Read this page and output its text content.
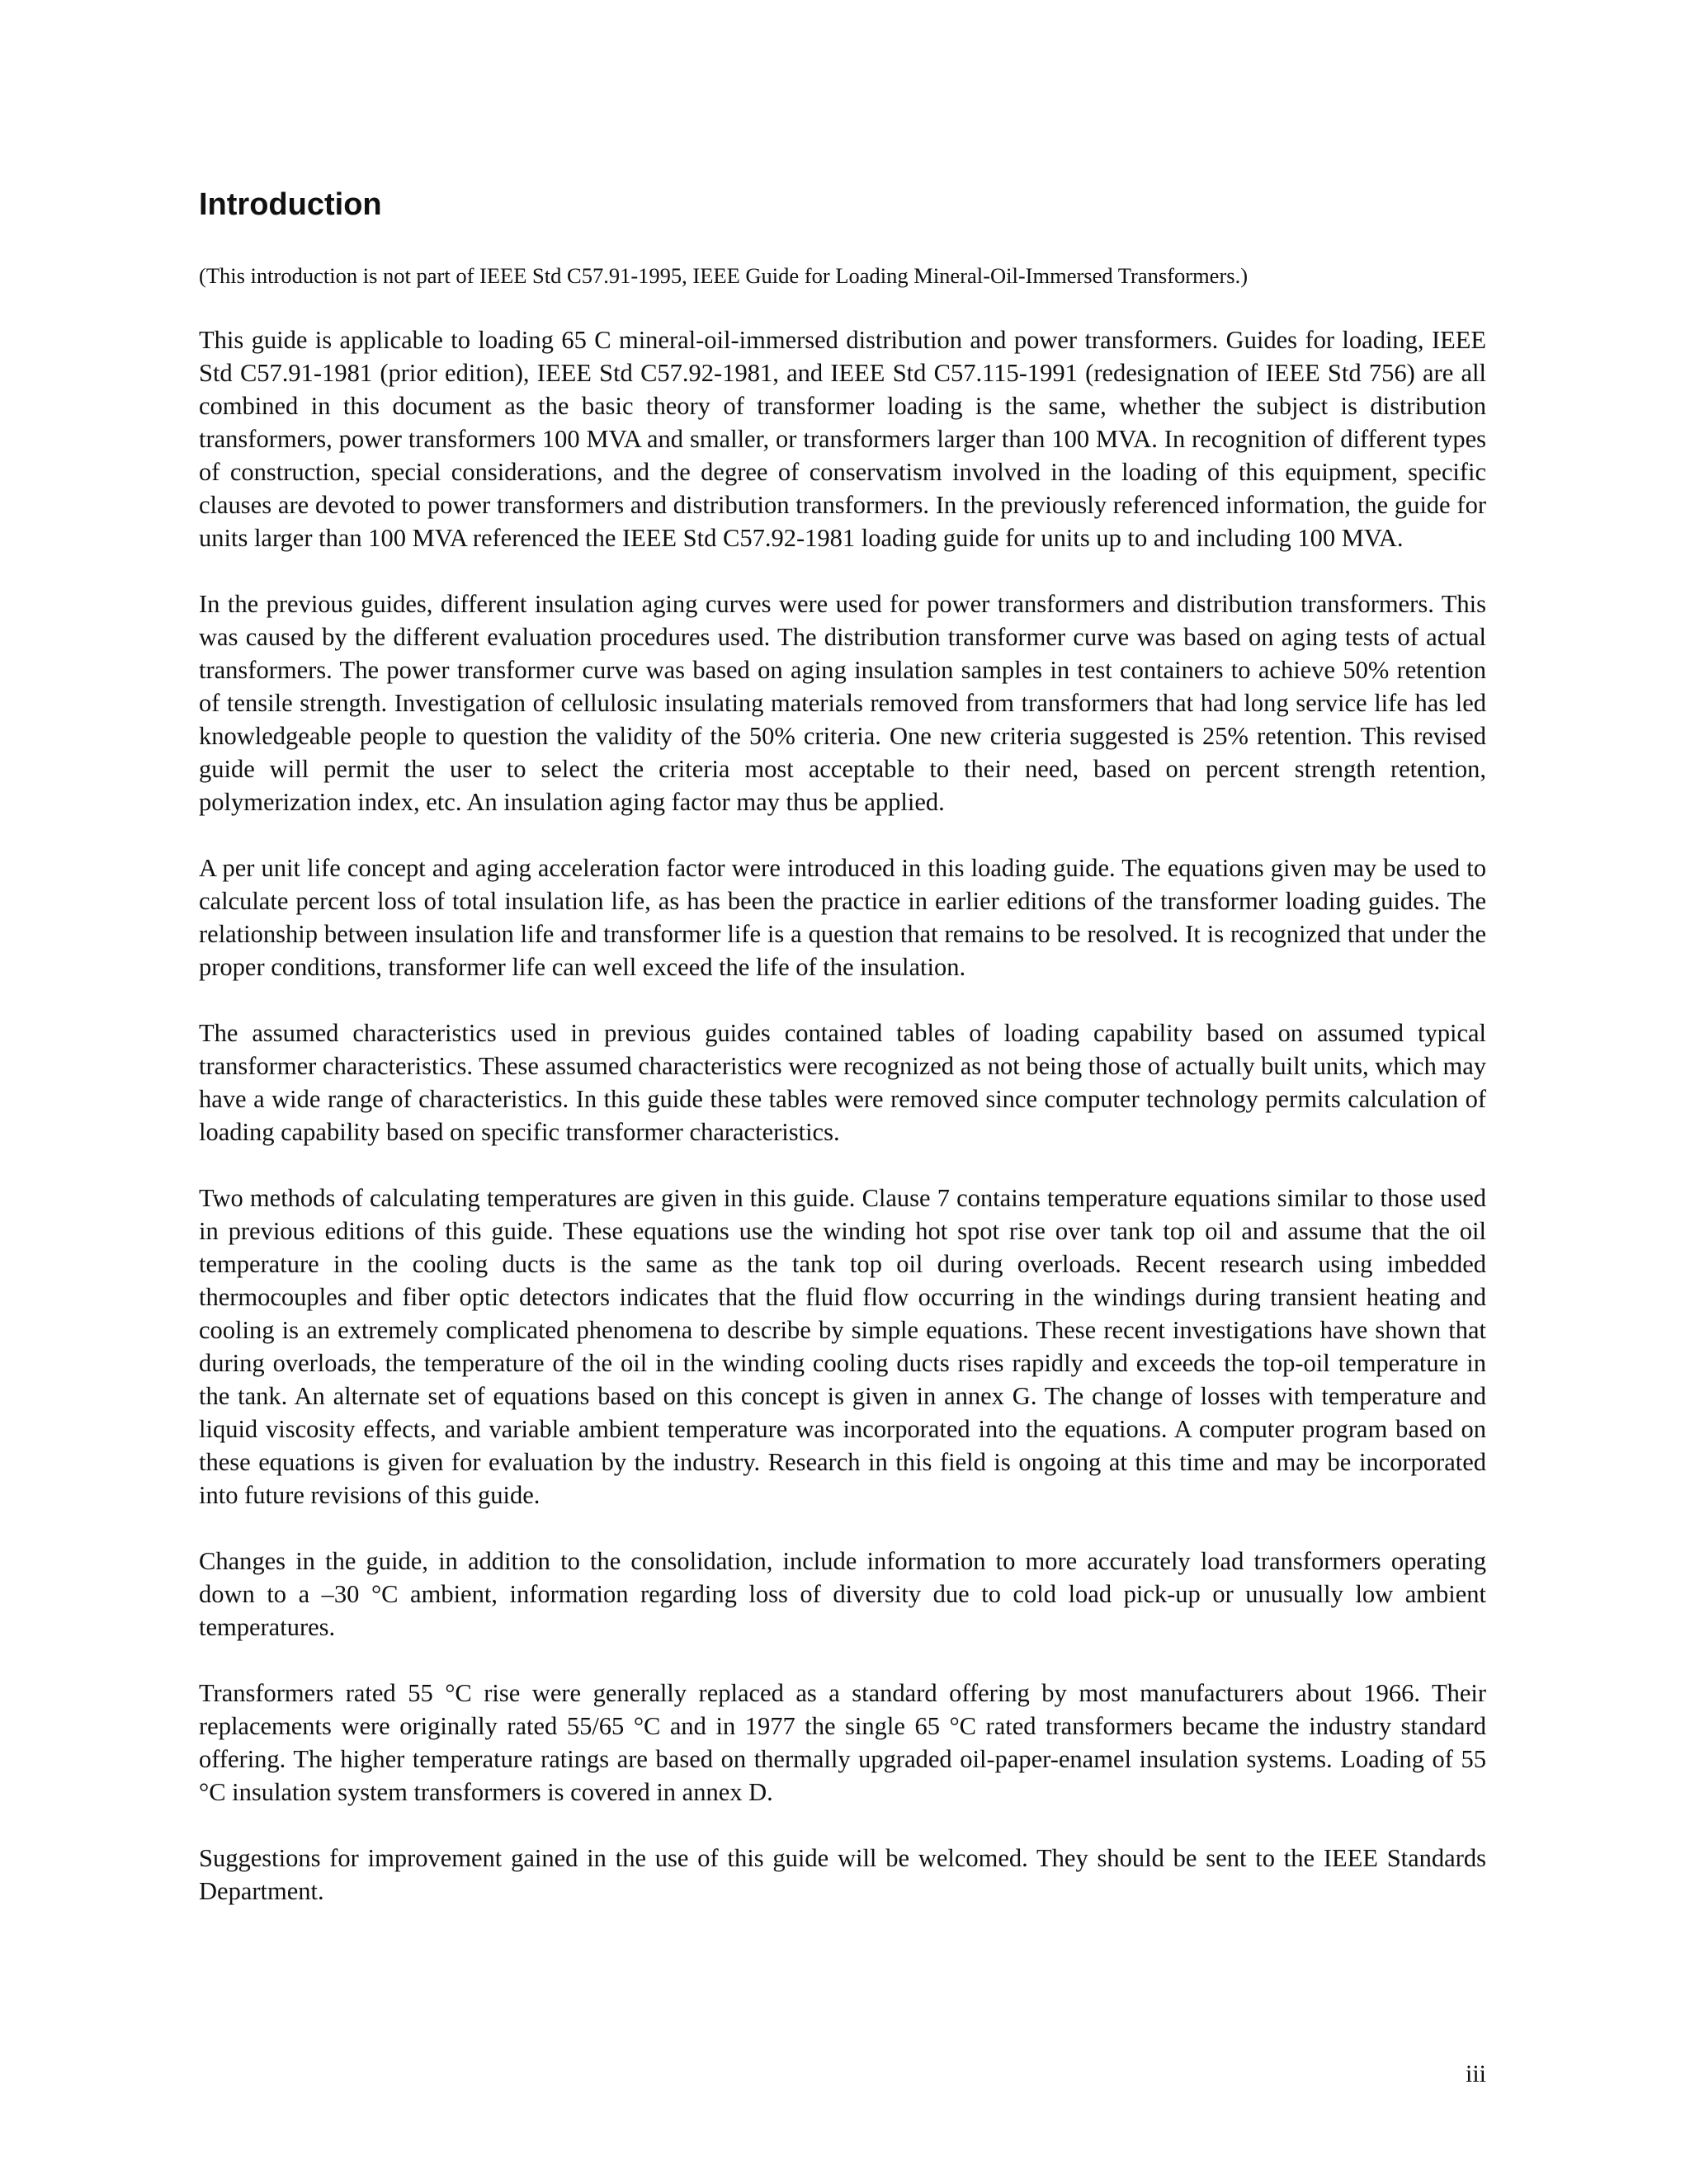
Introduction

(This introduction is not part of IEEE Std C57.91-1995, IEEE Guide for Loading Mineral-Oil-Immersed Transformers.)

This guide is applicable to loading 65 C mineral-oil-immersed distribution and power transformers. Guides for loading, IEEE Std C57.91-1981 (prior edition), IEEE Std C57.92-1981, and IEEE Std C57.115-1991 (redesignation of IEEE Std 756) are all combined in this document as the basic theory of transformer loading is the same, whether the subject is distribution transformers, power transformers 100 MVA and smaller, or transformers larger than 100 MVA. In recognition of different types of construction, special considerations, and the degree of conservatism involved in the loading of this equipment, specific clauses are devoted to power transformers and distribution transformers. In the previously referenced information, the guide for units larger than 100 MVA referenced the IEEE Std C57.92-1981 loading guide for units up to and including 100 MVA.

In the previous guides, different insulation aging curves were used for power transformers and distribution transformers. This was caused by the different evaluation procedures used. The distribution transformer curve was based on aging tests of actual transformers. The power transformer curve was based on aging insulation samples in test containers to achieve 50% retention of tensile strength. Investigation of cellulosic insulating materials removed from transformers that had long service life has led knowledgeable people to question the validity of the 50% criteria. One new criteria suggested is 25% retention. This revised guide will permit the user to select the criteria most acceptable to their need, based on percent strength retention, polymerization index, etc. An insulation aging factor may thus be applied.

A per unit life concept and aging acceleration factor were introduced in this loading guide. The equations given may be used to calculate percent loss of total insulation life, as has been the practice in earlier editions of the transformer loading guides. The relationship between insulation life and transformer life is a question that remains to be resolved. It is recognized that under the proper conditions, transformer life can well exceed the life of the insulation.

The assumed characteristics used in previous guides contained tables of loading capability based on assumed typical transformer characteristics. These assumed characteristics were recognized as not being those of actually built units, which may have a wide range of characteristics. In this guide these tables were removed since computer technology permits calculation of loading capability based on specific transformer characteristics.

Two methods of calculating temperatures are given in this guide. Clause 7 contains temperature equations similar to those used in previous editions of this guide. These equations use the winding hot spot rise over tank top oil and assume that the oil temperature in the cooling ducts is the same as the tank top oil during overloads. Recent research using imbedded thermocouples and fiber optic detectors indicates that the fluid flow occurring in the windings during transient heating and cooling is an extremely complicated phenomena to describe by simple equations. These recent investigations have shown that during overloads, the temperature of the oil in the winding cooling ducts rises rapidly and exceeds the top-oil temperature in the tank. An alternate set of equations based on this concept is given in annex G. The change of losses with temperature and liquid viscosity effects, and variable ambient temperature was incorporated into the equations. A computer program based on these equations is given for evaluation by the industry. Research in this field is ongoing at this time and may be incorporated into future revisions of this guide.

Changes in the guide, in addition to the consolidation, include information to more accurately load transformers operating down to a –30 °C ambient, information regarding loss of diversity due to cold load pick-up or unusually low ambient temperatures.

Transformers rated 55 °C rise were generally replaced as a standard offering by most manufacturers about 1966. Their replacements were originally rated 55/65 °C and in 1977 the single 65 °C rated transformers became the industry standard offering. The higher temperature ratings are based on thermally upgraded oil-paper-enamel insulation systems. Loading of 55 °C insulation system transformers is covered in annex D.

Suggestions for improvement gained in the use of this guide will be welcomed. They should be sent to the IEEE Standards Department.

iii
